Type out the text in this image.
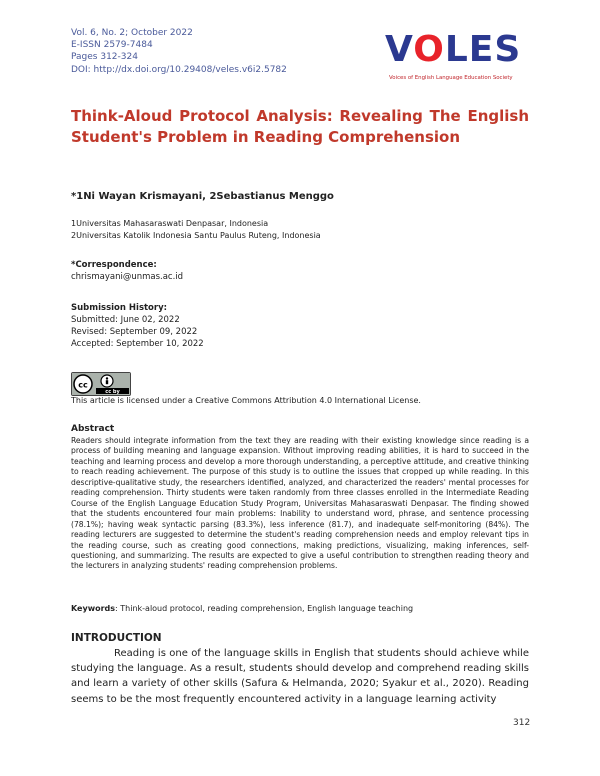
Vol. 6, No. 2; October 2022
E-ISSN 2579-7484
Pages 312-324
DOI: http://dx.doi.org/10.29408/veles.v6i2.5782	VOLES
Voices of English Language Education Society
Think-Aloud Protocol Analysis: Revealing The English

Student's Problem in Reading Comprehension
*1Ni Wayan Krismayani, 2Sebastianus Menggo
1Universitas Mahasaraswati Denpasar, Indonesia
2Universitas Katolik Indonesia Santu Paulus Ruteng, Indonesia
*Correspondence:
chrismayani@unmas.ac.id
Submission History:
Submitted: June 02, 2022
Revised: September 09, 2022
Accepted: September 10, 2022
cc
cc by
This article is licensed under a Creative Commons Attribution 4.0 International License.
Abstract
Readers should integrate information from the text they are reading with their existing knowledge since reading is a process of building meaning and language expansion. Without improving reading abilities, it is hard to succeed in the teaching and learning process and develop a more thorough understanding, a perceptive attitude, and creative thinking to reach reading achievement. The purpose of this study is to outline the issues that cropped up while reading. In this descriptive-qualitative study, the researchers identified, analyzed, and characterized the readers' mental processes for reading comprehension. Thirty students were taken randomly from three classes enrolled in the Intermediate Reading Course of the English Language Education Study Program, Universitas Mahasaraswati Denpasar. The finding showed that the students encountered four main problems: Inability to understand word, phrase, and sentence processing (78.1%); having weak syntactic parsing (83.3%), less inference (81.7), and inadequate self-monitoring (84%). The reading lecturers are suggested to determine the student's reading comprehension needs and employ relevant tips in the reading course, such as creating good connections, making predictions, visualizing, making inferences, self-questioning, and summarizing. The results are expected to give a useful contribution to strengthen reading theory and the lecturers in analyzing students' reading comprehension problems.
Keywords: Think-aloud protocol, reading comprehension, English language teaching
INTRODUCTION
Reading is one of the language skills in English that students should achieve while studying the language. As a result, students should develop and comprehend reading skills and learn a variety of other skills (Safura & Helmanda, 2020; Syakur et al., 2020). Reading seems to be the most frequently encountered activity in a language learning activity
312
